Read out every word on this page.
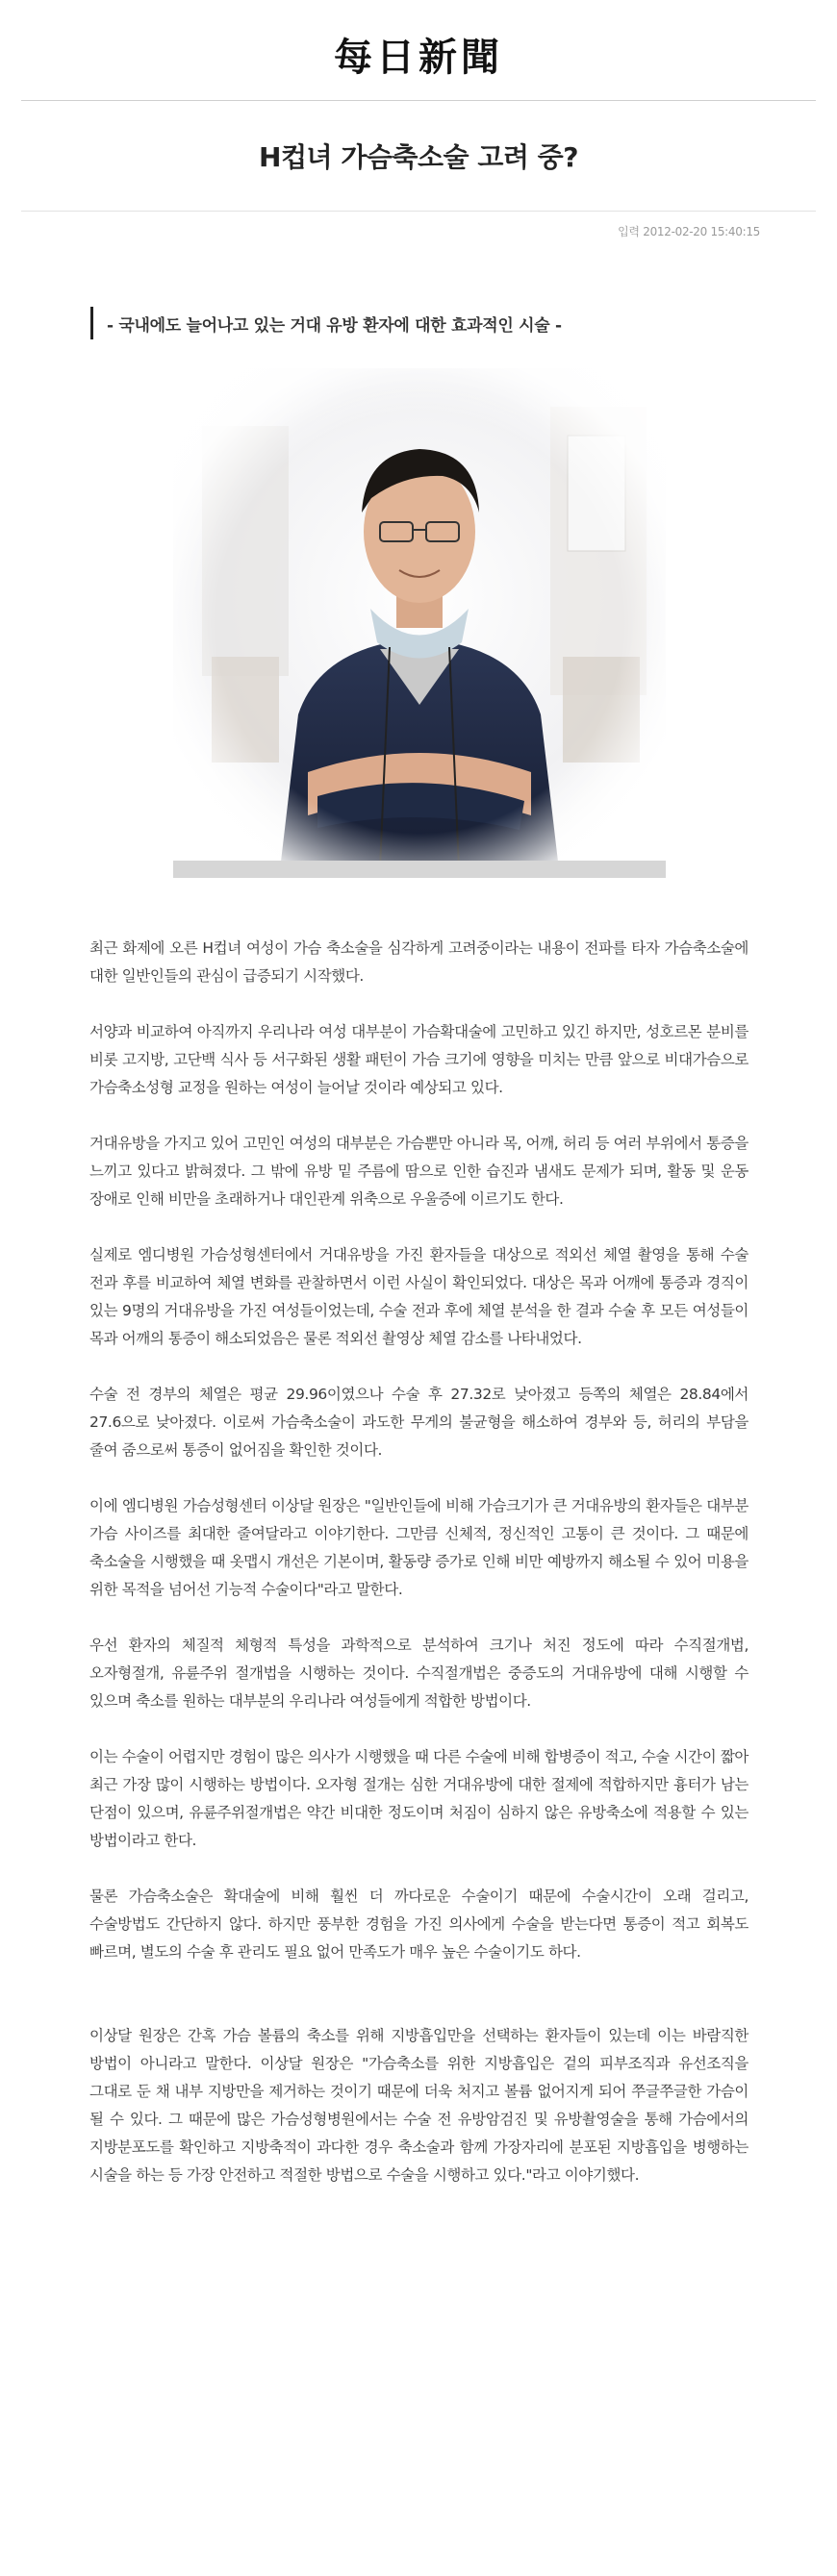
每日新聞
H컵녀 가슴축소술 고려 중?
입력 2012-02-20 15:40:15
- 국내에도 늘어나고 있는 거대 유방 환자에 대한 효과적인 시술 -

최근 화제에 오른 H컵녀 여성이 가슴 축소술을 심각하게 고려중이라는 내용이 전파를 타자 가슴축소술에 대한 일반인들의 관심이 급증되기 시작했다.

서양과 비교하여 아직까지 우리나라 여성 대부분이 가슴확대술에 고민하고 있긴 하지만, 성호르몬 분비를 비롯 고지방, 고단백 식사 등 서구화된 생활 패턴이 가슴 크기에 영향을 미치는 만큼 앞으로 비대가슴으로 가슴축소성형 교정을 원하는 여성이 늘어날 것이라 예상되고 있다.

거대유방을 가지고 있어 고민인 여성의 대부분은 가슴뿐만 아니라 목, 어깨, 허리 등 여러 부위에서 통증을 느끼고 있다고 밝혀졌다. 그 밖에 유방 밑 주름에 땀으로 인한 습진과 냄새도 문제가 되며, 활동 및 운동 장애로 인해 비만을 초래하거나 대인관계 위축으로 우울증에 이르기도 한다.

실제로 엠디병원 가슴성형센터에서 거대유방을 가진 환자들을 대상으로 적외선 체열 촬영을 통해 수술 전과 후를 비교하여 체열 변화를 관찰하면서 이런 사실이 확인되었다. 대상은 목과 어깨에 통증과 경직이 있는 9명의 거대유방을 가진 여성들이었는데, 수술 전과 후에 체열 분석을 한 결과 수술 후 모든 여성들이 목과 어깨의 통증이 해소되었음은 물론 적외선 촬영상 체열 감소를 나타내었다.

수술 전 경부의 체열은 평균 29.96이였으나 수술 후 27.32로 낮아졌고 등쪽의 체열은 28.84에서 27.6으로 낮아졌다. 이로써 가슴축소술이 과도한 무게의 불균형을 해소하여 경부와 등, 허리의 부담을 줄여 줌으로써 통증이 없어짐을 확인한 것이다.

이에 엠디병원 가슴성형센터 이상달 원장은 "일반인들에 비해 가슴크기가 큰 거대유방의 환자들은 대부분 가슴 사이즈를 최대한 줄여달라고 이야기한다. 그만큼 신체적, 정신적인 고통이 큰 것이다. 그 때문에 축소술을 시행했을 때 옷맵시 개선은 기본이며, 활동량 증가로 인해 비만 예방까지 해소될 수 있어 미용을 위한 목적을 넘어선 기능적 수술이다"라고 말한다.

우선 환자의 체질적 체형적 특성을 과학적으로 분석하여 크기나 처진 정도에 따라 수직절개법, 오자형절개, 유륜주위 절개법을 시행하는 것이다. 수직절개법은 중증도의 거대유방에 대해 시행할 수 있으며 축소를 원하는 대부분의 우리나라 여성들에게 적합한 방법이다.

이는 수술이 어렵지만 경험이 많은 의사가 시행했을 때 다른 수술에 비해 합병증이 적고, 수술 시간이 짧아 최근 가장 많이 시행하는 방법이다. 오자형 절개는 심한 거대유방에 대한 절제에 적합하지만 흉터가 남는 단점이 있으며, 유륜주위절개법은 약간 비대한 정도이며 처짐이 심하지 않은 유방축소에 적용할 수 있는 방법이라고 한다.

물론 가슴축소술은 확대술에 비해 훨씬 더 까다로운 수술이기 때문에 수술시간이 오래 걸리고, 수술방법도 간단하지 않다. 하지만 풍부한 경험을 가진 의사에게 수술을 받는다면 통증이 적고 회복도 빠르며, 별도의 수술 후 관리도 필요 없어 만족도가 매우 높은 수술이기도 하다.

이상달 원장은 간혹 가슴 볼륨의 축소를 위해 지방흡입만을 선택하는 환자들이 있는데 이는 바람직한 방법이 아니라고 말한다. 이상달 원장은 "가슴축소를 위한 지방흡입은 겉의 피부조직과 유선조직을 그대로 둔 채 내부 지방만을 제거하는 것이기 때문에 더욱 처지고 볼륨 없어지게 되어 쭈글쭈글한 가슴이 될 수 있다. 그 때문에 많은 가슴성형병원에서는 수술 전 유방암검진 및 유방촬영술을 통해 가슴에서의 지방분포도를 확인하고 지방축적이 과다한 경우 축소술과 함께 가장자리에 분포된 지방흡입을 병행하는 시술을 하는 등 가장 안전하고 적절한 방법으로 수술을 시행하고 있다."라고 이야기했다.
